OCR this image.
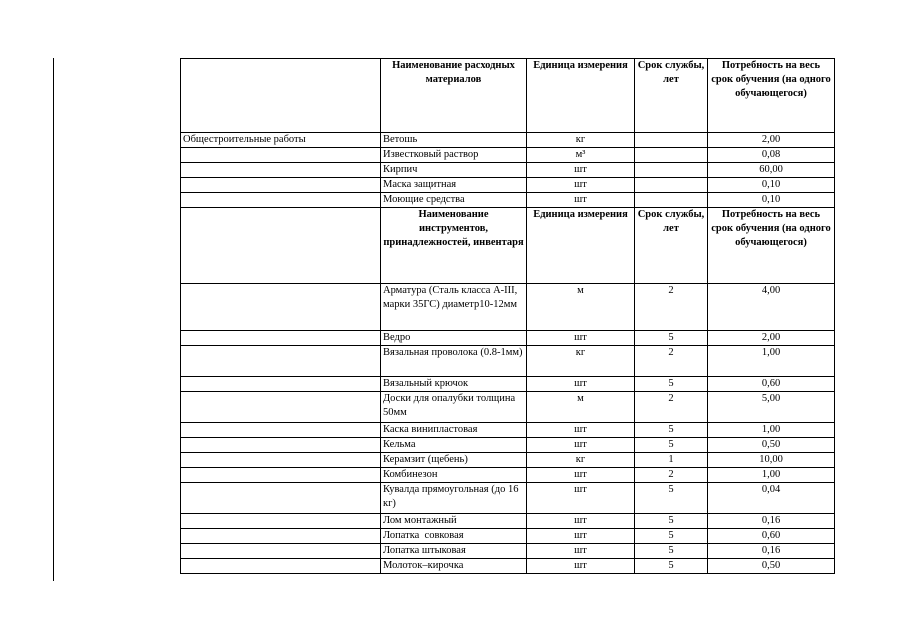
	Наименование расходных материалов	Единица измерения	Срок службы, лет	Потребность на весь срок обучения (на одного обучающегося)
Общестроительные работы	Ветошь	кг		2,00
	Известковый раствор	м³		0,08
	Кирпич	шт		60,00
	Маска защитная	шт		0,10
	Моющие средства	шт		0,10
	Наименование инструментов, принадлежностей, инвентаря	Единица измерения	Срок службы, лет	Потребность на весь срок обучения (на одного обучающегося)
	Арматура (Сталь класса А-III, марки 35ГС) диаметр10-12мм	м	2	4,00
	Ведро	шт	5	2,00
	Вязальная проволока (0.8-1мм)	кг	2	1,00
	Вязальный крючок	шт	5	0,60
	Доски для опалубки толщина 50мм	м	2	5,00
	Каска винипластовая	шт	5	1,00
	Кельма	шт	5	0,50
	Керамзит (щебень)	кг	1	10,00
	Комбинезон	шт	2	1,00
	Кувалда прямоугольная (до 16 кг)	шт	5	0,04
	Лом монтажный	шт	5	0,16
	Лопатка  совковая	шт	5	0,60
	Лопатка штыковая	шт	5	0,16
	Молоток–кирочка	шт	5	0,50
